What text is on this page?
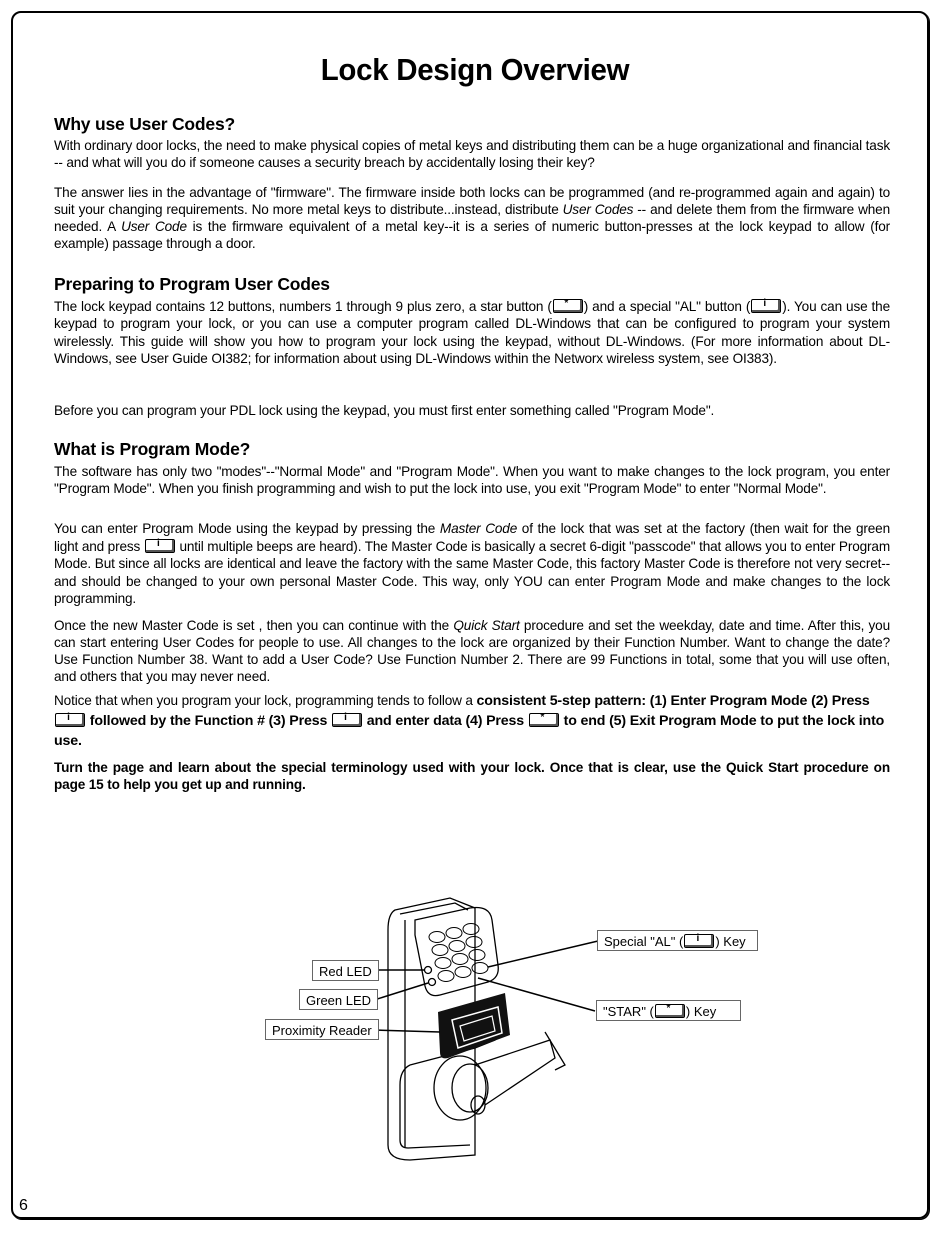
Lock Design Overview
Why use User Codes?

With ordinary door locks, the need to make physical copies of metal keys and distributing them can be a huge organizational and financial task -- and what will you do if someone causes a security breach by accidentally losing their key?

The answer lies in the advantage of "firmware". The firmware inside both locks can be programmed (and re-programmed again and again) to suit your changing requirements. No more metal keys to distribute...instead, distribute User Codes -- and delete them from the firmware when needed. A User Code is the firmware equivalent of a metal key--it is a series of numeric button-presses at the lock keypad to allow (for example) passage through a door.

Preparing to Program User Codes

The lock keypad contains 12 buttons, numbers 1 through 9 plus zero, a star button (	*	) and a special "AL" button (	i	). You can use the keypad to program your lock, or you can use a computer program called DL-Windows that can be configured to program your system wirelessly. This guide will show you how to program your lock using the keypad, without DL-Windows. (For more information about DL-Windows, see User Guide OI382; for information about using DL-Windows within the Networx wireless system, see OI383).

Before you can program your PDL lock using the keypad, you must first enter something called "Program Mode".

What is Program Mode?

The software has only two "modes"--"Normal Mode" and "Program Mode". When you want to make changes to the lock program, you enter "Program Mode". When you finish programming and wish to put the lock into use, you exit "Program Mode" to enter "Normal Mode".

You can enter Program Mode using the keypad by pressing the Master Code of the lock that was set at the factory (then wait for the green light and press	i	until multiple beeps are heard). The Master Code is basically a secret 6-digit "passcode" that allows you to enter Program Mode. But since all locks are identical and leave the factory with the same Master Code, this factory Master Code is therefore not very secret--and should be changed to your own personal Master Code. This way, only YOU can enter Program Mode and make changes to the lock programming.

Once the new Master Code is set , then you can continue with the Quick Start procedure and set the weekday, date and time. After this, you can start entering User Codes for people to use. All changes to the lock are organized by their Function Number. Want to change the date? Use Function Number 38. Want to add a User Code? Use Function Number 2. There are 99 Functions in total, some that you will use often, and others that you may never need.

Notice that when you program your lock, programming tends to follow a consistent 5-step pattern: (1) Enter Program Mode (2) Press
i	followed by the Function # (3) Press	i	and enter data (4) Press	*	to end (5) Exit Program Mode to put the lock into use.

Turn the page and learn about the special terminology used with your lock. Once that is clear, use the Quick Start procedure on page 15 to help you get up and running.

Red LED
Green LED
Proximity Reader
Special "AL" (	i	) Key
"STAR" (	*	) Key
6
